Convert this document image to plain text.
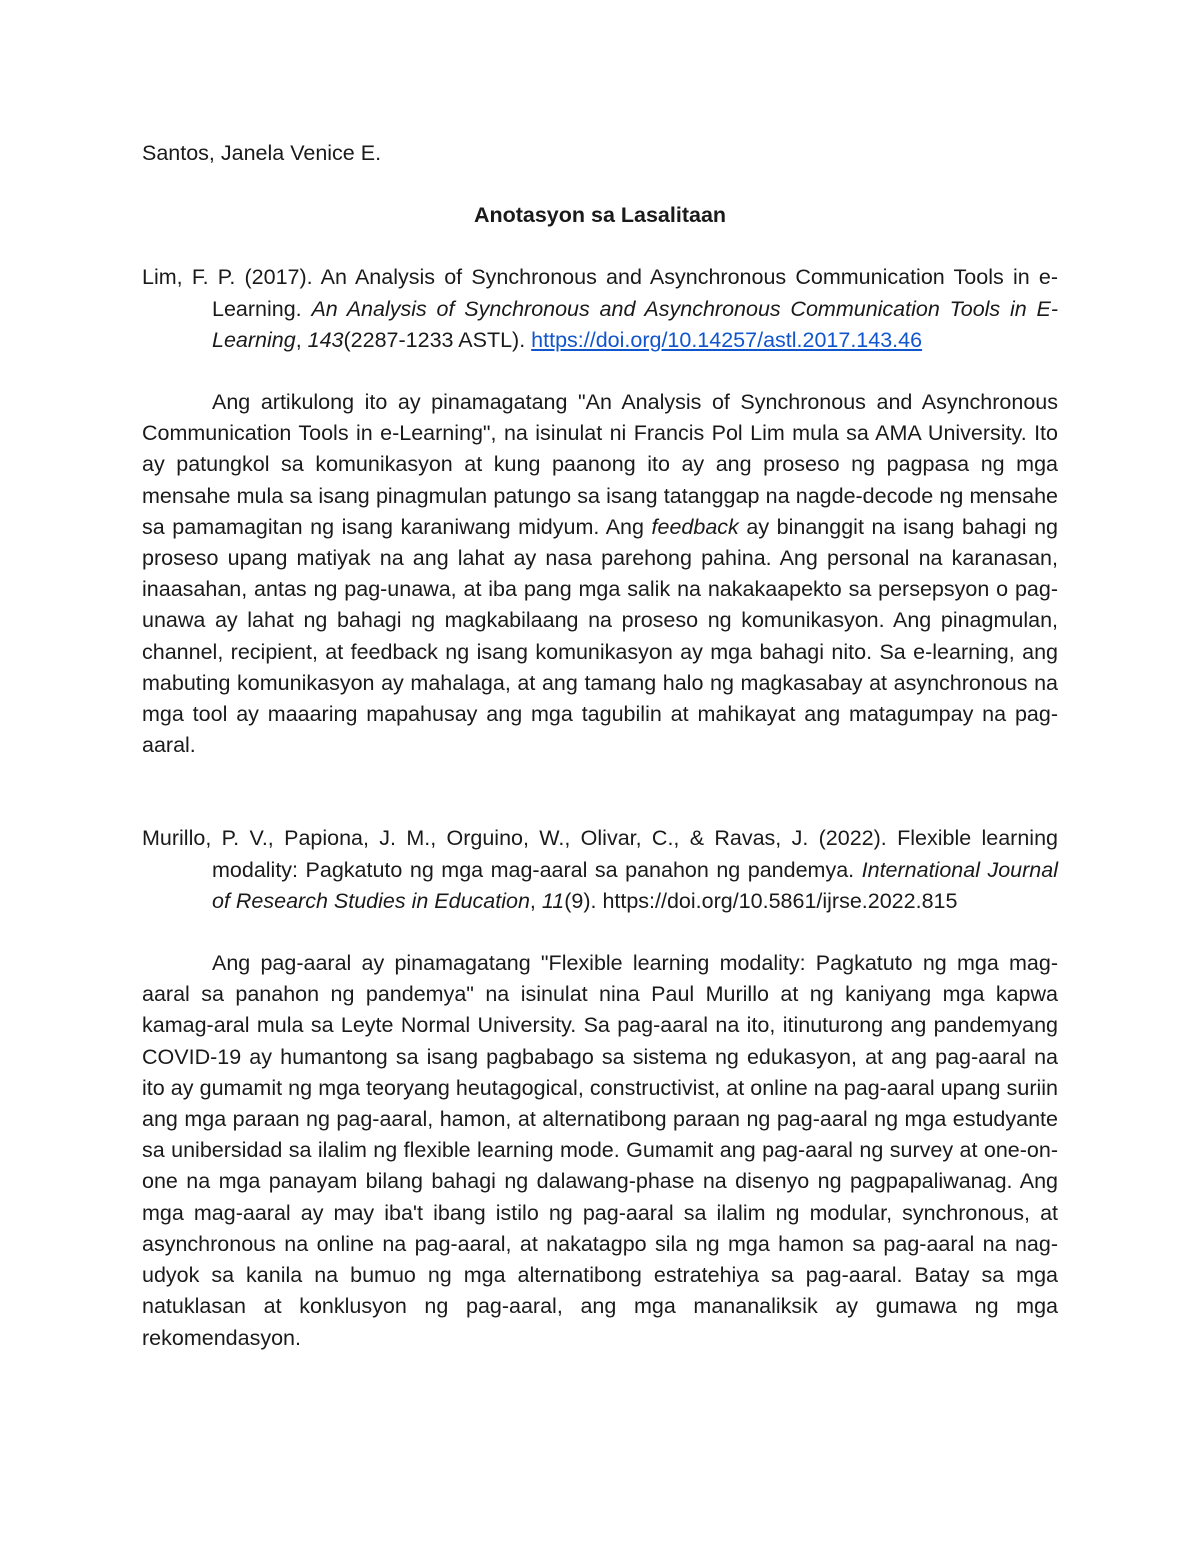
Santos, Janela Venice E.

Anotasyon sa Lasalitaan

Lim, F. P. (2017). An Analysis of Synchronous and Asynchronous Communication Tools in e-Learning. An Analysis of Synchronous and Asynchronous Communication Tools in E-Learning, 143(2287-1233 ASTL). https://doi.org/10.14257/astl.2017.143.46

Ang artikulong ito ay pinamagatang "An Analysis of Synchronous and Asynchronous Communication Tools in e-Learning", na isinulat ni Francis Pol Lim mula sa AMA University. Ito ay patungkol sa komunikasyon at kung paanong ito ay ang proseso ng pagpasa ng mga mensahe mula sa isang pinagmulan patungo sa isang tatanggap na nagde-decode ng mensahe sa pamamagitan ng isang karaniwang midyum. Ang feedback ay binanggit na isang bahagi ng proseso upang matiyak na ang lahat ay nasa parehong pahina. Ang personal na karanasan, inaasahan, antas ng pag-unawa, at iba pang mga salik na nakakaapekto sa persepsyon o pag-unawa ay lahat ng bahagi ng magkabilaang na proseso ng komunikasyon. Ang pinagmulan, channel, recipient, at feedback ng isang komunikasyon ay mga bahagi nito. Sa e-learning, ang mabuting komunikasyon ay mahalaga, at ang tamang halo ng magkasabay at asynchronous na mga tool ay maaaring mapahusay ang mga tagubilin at mahikayat ang matagumpay na pag-aaral.

Murillo, P. V., Papiona, J. M., Orguino, W., Olivar, C., & Ravas, J. (2022). Flexible learning modality: Pagkatuto ng mga mag-aaral sa panahon ng pandemya. International Journal of Research Studies in Education, 11(9). https://doi.org/10.5861/ijrse.2022.815

Ang pag-aaral ay pinamagatang "Flexible learning modality: Pagkatuto ng mga mag-aaral sa panahon ng pandemya" na isinulat nina Paul Murillo at ng kaniyang mga kapwa kamag-aral mula sa Leyte Normal University. Sa pag-aaral na ito, itinuturong ang pandemyang COVID-19 ay humantong sa isang pagbabago sa sistema ng edukasyon, at ang pag-aaral na ito ay gumamit ng mga teoryang heutagogical, constructivist, at online na pag-aaral upang suriin ang mga paraan ng pag-aaral, hamon, at alternatibong paraan ng pag-aaral ng mga estudyante sa unibersidad sa ilalim ng flexible learning mode. Gumamit ang pag-aaral ng survey at one-on-one na mga panayam bilang bahagi ng dalawang-phase na disenyo ng pagpapaliwanag. Ang mga mag-aaral ay may iba't ibang istilo ng pag-aaral sa ilalim ng modular, synchronous, at asynchronous na online na pag-aaral, at nakatagpo sila ng mga hamon sa pag-aaral na nag-udyok sa kanila na bumuo ng mga alternatibong estratehiya sa pag-aaral. Batay sa mga natuklasan at konklusyon ng pag-aaral, ang mga mananaliksik ay gumawa ng mga rekomendasyon.
